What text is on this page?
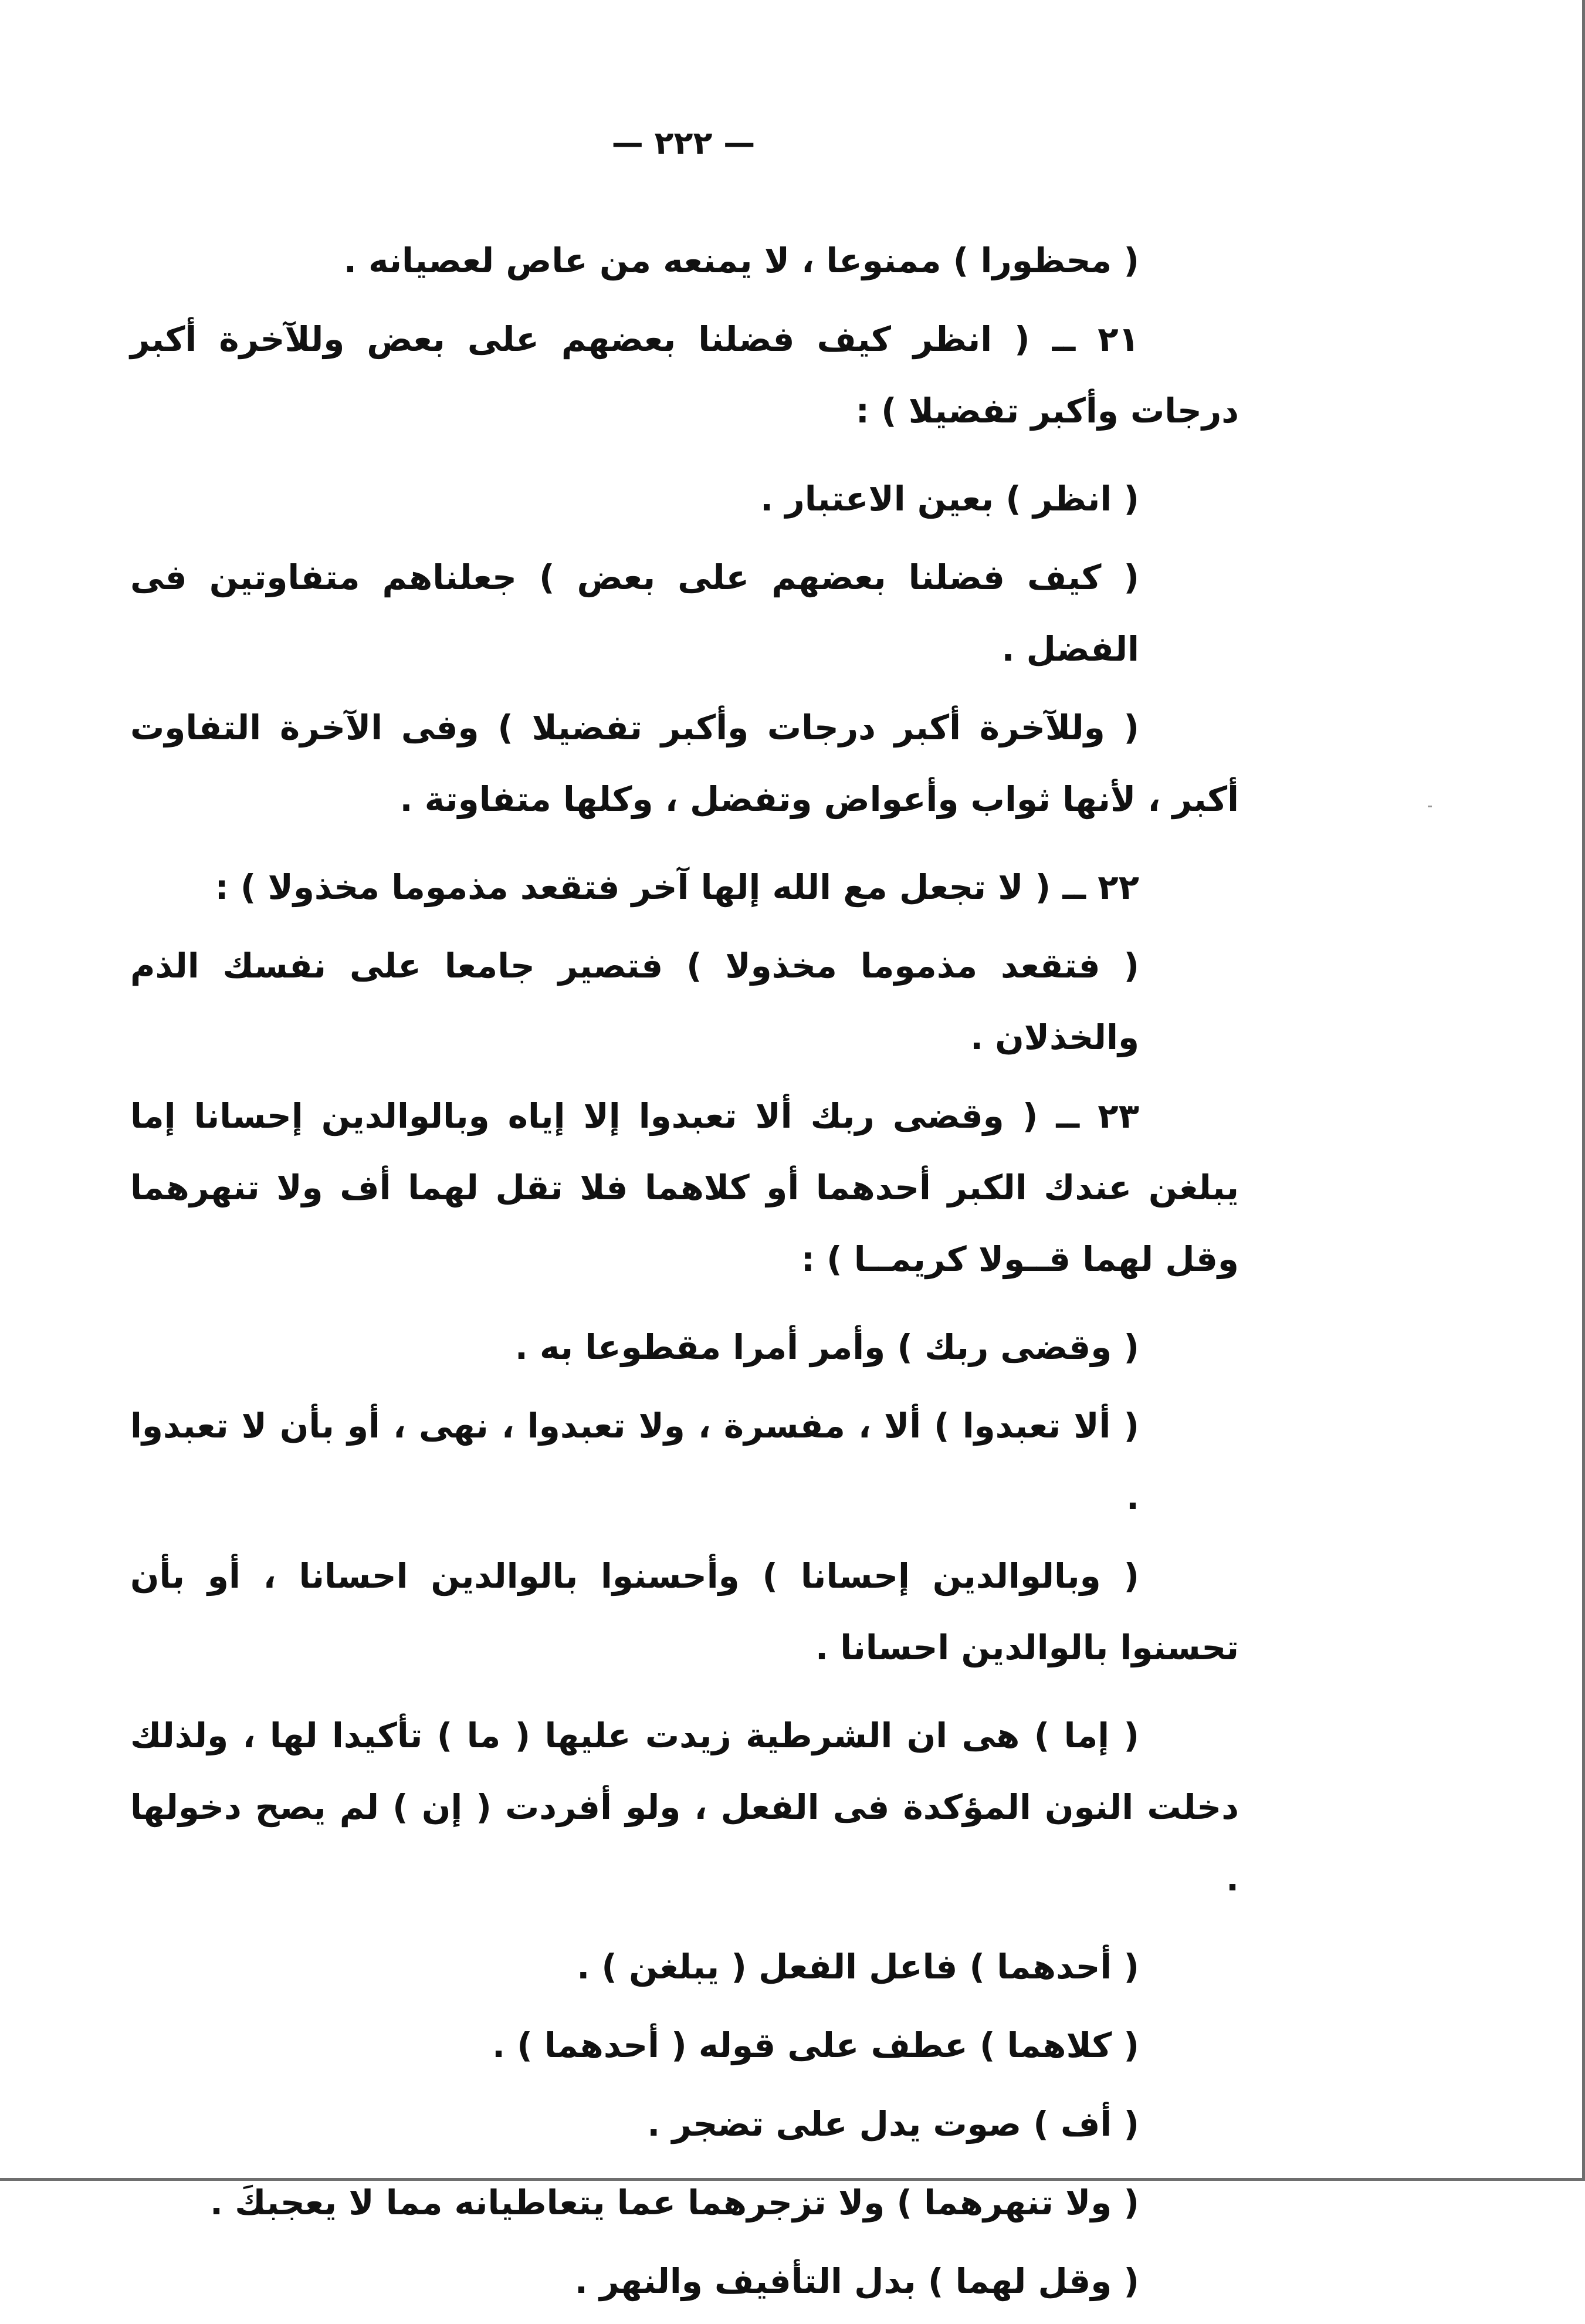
— ٢٢٢ —

( محظورا ) ممنوعا ، لا يمنعه من عاص لعصيانه .

٢١ ــ ( انظر كيف فضلنا بعضهم على بعض وللآخرة أكبر درجات وأكبر تفضيلا ) :

( انظر ) بعين الاعتبار .

( كيف فضلنا بعضهم على بعض ) جعلناهم متفاوتين فى الفضل .

( وللآخرة أكبر درجات وأكبر تفضيلا ) وفى الآخرة التفاوت أكبر ، لأنها ثواب وأعواض وتفضل ، وكلها متفاوتة .

٢٢ ــ ( لا تجعل مع الله إلها آخر فتقعد مذموما مخذولا ) :

( فتقعد مذموما مخذولا ) فتصير جامعا على نفسك الذم والخذلان .

٢٣ ــ ( وقضى ربك ألا تعبدوا إلا إياه وبالوالدين إحسانا إما يبلغن عندك الكبر أحدهما أو كلاهما فلا تقل لهما أف ولا تنهرهما وقل لهما قــولا كريمــا ) :

( وقضى ربك ) وأمر أمرا مقطوعا به .

( ألا تعبدوا ) ألا ، مفسرة ، ولا تعبدوا ، نهى ، أو بأن لا تعبدوا .

( وبالوالدين إحسانا ) وأحسنوا بالوالدين احسانا ، أو بأن تحسنوا بالوالدين احسانا .

( إما ) هى ان الشرطية زيدت عليها ( ما ) تأكيدا لها ، ولذلك دخلت النون المؤكدة فى الفعل ، ولو أفردت ( إن ) لم يصح دخولها .

( أحدهما ) فاعل الفعل ( يبلغن ) .

( كلاهما ) عطف على قوله ( أحدهما ) .

( أف ) صوت يدل على تضجر .

( ولا تنهرهما ) ولا تزجرهما عما يتعاطيانه مما لا يعجبكَ .

( وقل لهما ) بدل التأفيف والنهر .
